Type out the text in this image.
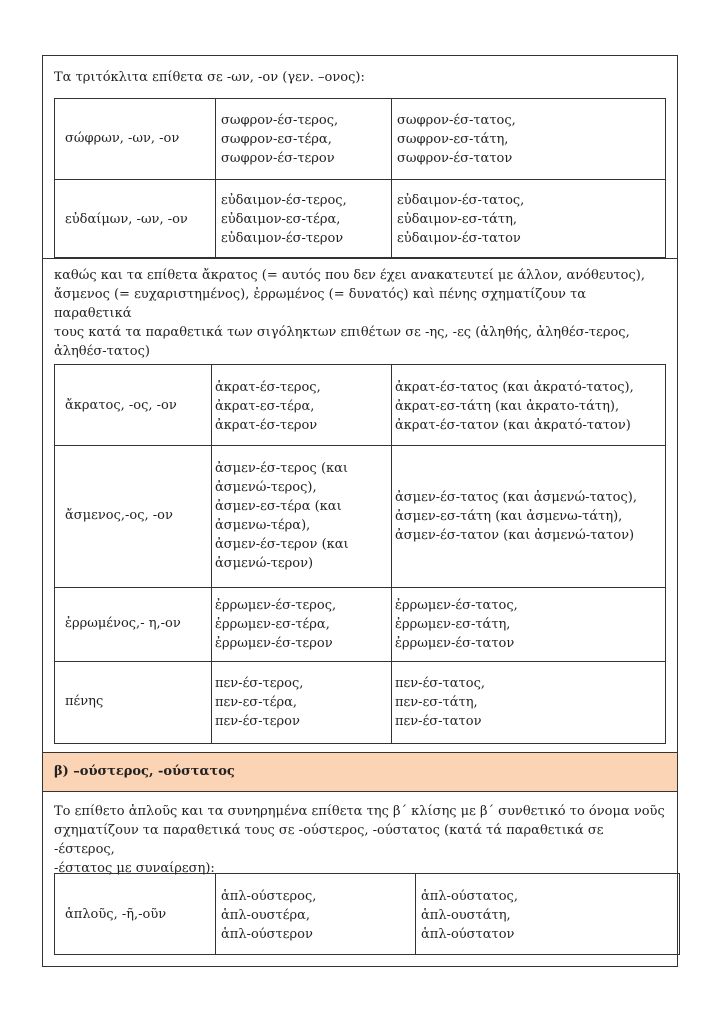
Τα τριτόκλιτα επίθετα σε -ων, -ον (γεν. –ονος):
σώφρων, -ων, -ον
σωφρον-έσ-τερος,
σωφρον-εσ-τέρα,
σωφρον-έσ-τερον
σωφρον-έσ-τατος,
σωφρον-εσ-τάτη,
σωφρον-έσ-τατον
εὐδαίμων, -ων, -ον
εὐδαιμον-έσ-τερος,
εὐδαιμον-εσ-τέρα,
εὐδαιμον-έσ-τερον
εὐδαιμον-έσ-τατος,
εὐδαιμον-εσ-τάτη,
εὐδαιμον-έσ-τατον
καθώς και τα επίθετα ἄκρατος (= αυτός που δεν έχει ανακατευτεί με άλλον, ανόθευτος),
ἄσμενος (= ευχαριστημένος), ἐρρωμένος (= δυνατός) καὶ πένης σχηματίζουν τα παραθετικά
τους κατά τα παραθετικά των σιγόληκτων επιθέτων σε -ης, -ες (ἀληθής, ἀληθέσ-τερος,
ἀληθέσ-τατος)
ἄκρατος, -ος, -ον
ἀκρατ-έσ-τερος,
ἀκρατ-εσ-τέρα,
ἀκρατ-έσ-τερον
ἀκρατ-έσ-τατος (και ἀκρατό-τατος),
ἀκρατ-εσ-τάτη (και ἀκρατο-τάτη),
ἀκρατ-έσ-τατον (και ἀκρατό-τατον)
ἄσμενος,-ος, -ον
ἀσμεν-έσ-τερος (και
ἀσμενώ-τερος),
ἀσμεν-εσ-τέρα (και
ἀσμενω-τέρα),
ἀσμεν-έσ-τερον (και
ἀσμενώ-τερον)
ἀσμεν-έσ-τατος (και ἀσμενώ-τατος),
ἀσμεν-εσ-τάτη (και ἀσμενω-τάτη),
ἀσμεν-έσ-τατον (και ἀσμενώ-τατον)
ἐρρωμένος,- η,-ον
ἐρρωμεν-έσ-τερος,
ἐρρωμεν-εσ-τέρα,
ἐρρωμεν-έσ-τερον
ἐρρωμεν-έσ-τατος,
ἐρρωμεν-εσ-τάτη,
ἐρρωμεν-έσ-τατον
πένης
πεν-έσ-τερος,
πεν-εσ-τέρα,
πεν-έσ-τερον
πεν-έσ-τατος,
πεν-εσ-τάτη,
πεν-έσ-τατον
β) –ούστερος, -ούστατος
Το επίθετο ἁπλοῦς και τα συνηρημένα επίθετα της β΄ κλίσης με β΄ συνθετικό το όνομα νοῦς
σχηματίζουν τα παραθετικά τους σε -ούστερος, -ούστατος (κατά τά παραθετικά σε -έστερος,
-έστατος με συναίρεση):
ἁπλοῦς, -ῆ,-οῦν
ἁπλ-ούστερος,
ἁπλ-ουστέρα,
ἁπλ-ούστερον
ἁπλ-ούστατος,
ἁπλ-ουστάτη,
ἁπλ-ούστατον
